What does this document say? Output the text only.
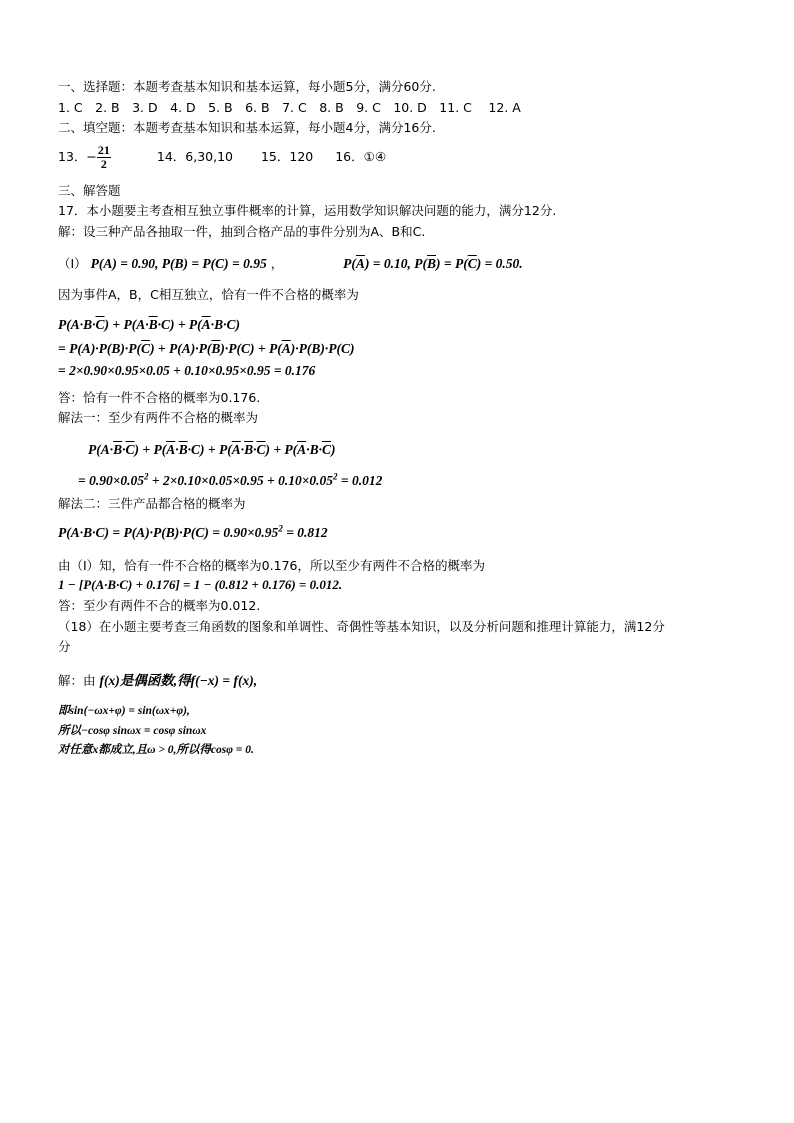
一、选择题：本题考查基本知识和基本运算，每小题5分，满分60分.
1. C　2. B　3. D　4. D　5. B　6. B　7. C　8. B　9. C　10. D　11. C　 12. A
二、填空题：本题考查基本知识和基本运算，每小题4分，满分16分.
13．− $\frac{21}{2}$	14．6,30,10 15．120 16．①④
三、解答题
17．本小题要主考查相互独立事件概率的计算，运用数学知识解决问题的能力，满分12分.
解：设三种产品各抽取一件，抽到合格产品的事件分别为A、B和C.
（Ⅰ） P(A) = 0.90, P(B) = P(C) = 0.95 ，	$P(\overline{A}) = 0.10$, $P(\overline{B}) = P(\overline{C}) = 0.50$.
因为事件A，B，C相互独立，恰有一件不合格的概率为
$P(A\cdot B\cdot\overline{C}) + P(A\cdot\overline{B}\cdot C) + P(\overline{A}\cdot B\cdot C)$
= $P(A)\cdot P(B)\cdot P(\overline{C}) + P(A)\cdot P(\overline{B})\cdot P(C) + P(\overline{A})\cdot P(B)\cdot P(C)$
= 2×0.90×0.95×0.05 + 0.10×0.95×0.95 = 0.176
答：恰有一件不合格的概率为0.176.
解法一：至少有两件不合格的概率为
$P(A\cdot\overline{B}\cdot\overline{C}) + P(\overline{A}\cdot\overline{B}\cdot C) + P(\overline{A}\cdot\overline{B}\cdot\overline{C}) + P(\overline{A}\cdot B\cdot\overline{C})$
= $0.90\times 0.05^2 + 2\times 0.10\times 0.05\times 0.95 + 0.10\times 0.05^2 = 0.012$
解法二：三件产品都合格的概率为
$P(A\cdot B\cdot C) = P(A)\cdot P(B)\cdot P(C) = 0.90\times 0.95^2 = 0.812$
由（Ⅰ）知，恰有一件不合格的概率为0.176，所以至少有两件不合格的概率为
1 − [P(A·B·C) + 0.176] = 1 − (0.812 + 0.176) = 0.012.
答：至少有两件不合的概率为0.012.
（18）在小题主要考查三角函数的图象和单调性、奇偶性等基本知识，以及分析问题和推理计算能力，满12分
分
解：由 f(x)是偶函数,得f(−x) = f(x),
即sin(−ωx+φ) = sin(ωx+φ),
所以−cosφ sinωx = cosφ sinωx
对任意x都成立,且ω > 0,所以得cosφ = 0.
